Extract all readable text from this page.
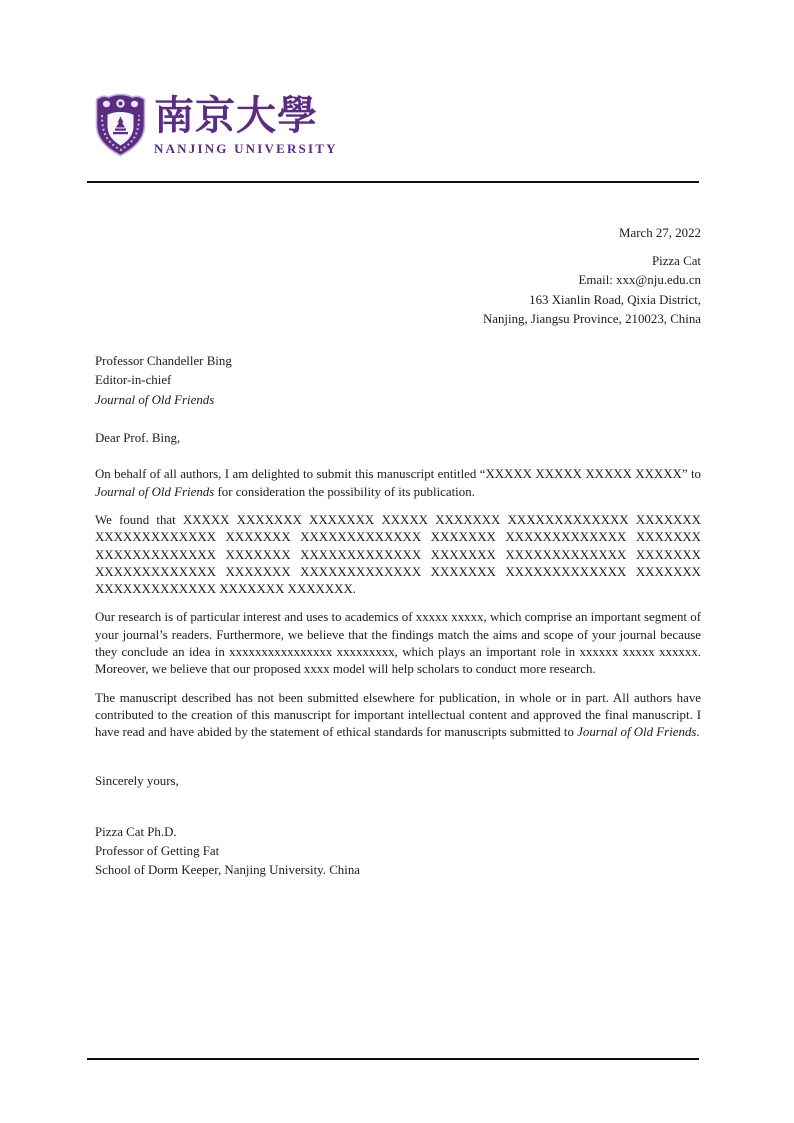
南京大學
NANJING UNIVERSITY
March 27, 2022
Pizza Cat
Email: xxx@nju.edu.cn
163 Xianlin Road, Qixia District,
Nanjing, Jiangsu Province, 210023, China
Professor Chandeller Bing
Editor-in-chief
Journal of Old Friends
Dear Prof. Bing,

On behalf of all authors, I am delighted to submit this manuscript entitled “XXXXX XXXXX XXXXX XXXXX” to Journal of Old Friends for consideration the possibility of its publication.

We found that XXXXX XXXXXXX XXXXXXX XXXXX XXXXXXX XXXXXXXXXXXXX XXXXXXX XXXXXXXXXXXXX XXXXXXX XXXXXXXXXXXXX XXXXXXX XXXXXXXXXXXXX XXXXXXX XXXXXXXXXXXXX XXXXXXX XXXXXXXXXXXXX XXXXXXX XXXXXXXXXXXXX XXXXXXX XXXXXXXXXXXXX XXXXXXX XXXXXXXXXXXXX XXXXXXX XXXXXXXXXXXXX XXXXXXX XXXXXXXXXXXXX XXXXXXX XXXXXXX.

Our research is of particular interest and uses to academics of xxxxx xxxxx, which comprise an important segment of your journal’s readers. Furthermore, we believe that the findings match the aims and scope of your journal because they conclude an idea in xxxxxxxxxxxxxxxx xxxxxxxxx, which plays an important role in xxxxxx xxxxx xxxxxx. Moreover, we believe that our proposed xxxx model will help scholars to conduct more research.

The manuscript described has not been submitted elsewhere for publication, in whole or in part. All authors have contributed to the creation of this manuscript for important intellectual content and approved the final manuscript. I have read and have abided by the statement of ethical standards for manuscripts submitted to Journal of Old Friends.

Sincerely yours,
Pizza Cat Ph.D.
Professor of Getting Fat
School of Dorm Keeper, Nanjing University. China
